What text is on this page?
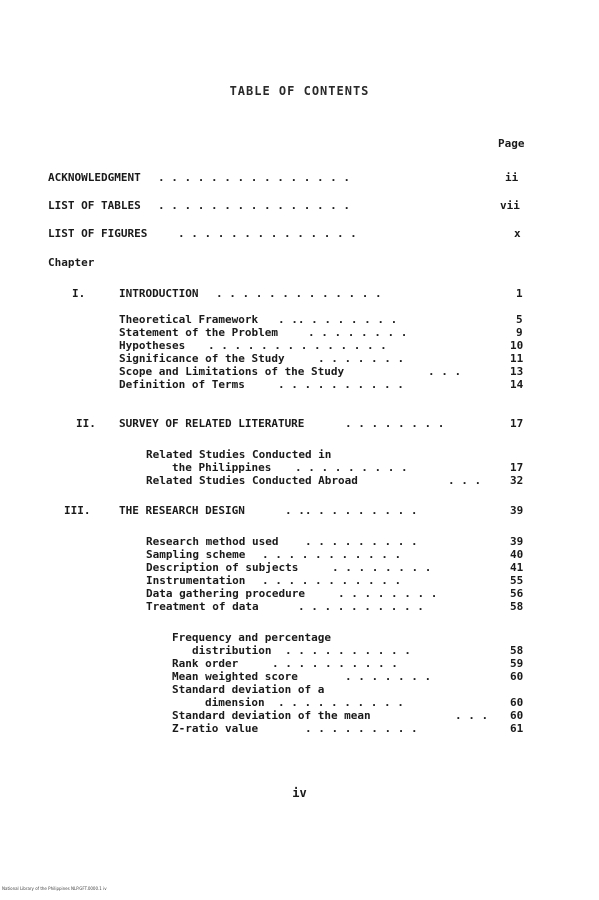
TABLE OF CONTENTS
Page
ACKNOWLEDGMENT . . . . . . . . . . . . . . .	ii
LIST OF TABLES . . . . . . . . . . . . . . .	vii
LIST OF FIGURES	. . . . . . . . . . . . . .	x
Chapter
I.	INTRODUCTION . . . . . . . . . . . . .	1
Theoretical Framework . .. . . . . . . .	5
Statement of the Problem	. . . . . . . .	9
Hypotheses . . . . . . . . . . . . . .	10
Significance of the Study	. . . . . . .	11
Scope and Limitations of the Study	. . .	13
Definition of Terms	. . . . . . . . . .	14
II. SURVEY OF RELATED LITERATURE	. . . . . . . .	17
Related Studies Conducted in
the Philippines . . . . . . . . .	17
Related Studies Conducted Abroad	. . .	32
III.	THE RESEARCH DESIGN	. .. . . . . . . . .	39
Research method used . . . . . . . . .	39
Sampling scheme . . . . . . . . . . .	40
Description of subjects	. . . . . . . .	41
Instrumentation . . . . . . . . . . .	55
Data gathering procedure	. . . . . . . .	56
Treatment of data	. . . . . . . . . .	58
Frequency and percentage
distribution . . . . . . . . . .	58
Rank order	. . . . . . . . . .	59
Mean weighted score	. . . . . . .	60
Standard deviation of a
dimension . . . . . . . . . .	60
Standard deviation of the mean	. . . 60
Z-ratio value	. . . . . . . . .	61
iv
National Library of the Philippines NLP.GFT.0000.1 iv
